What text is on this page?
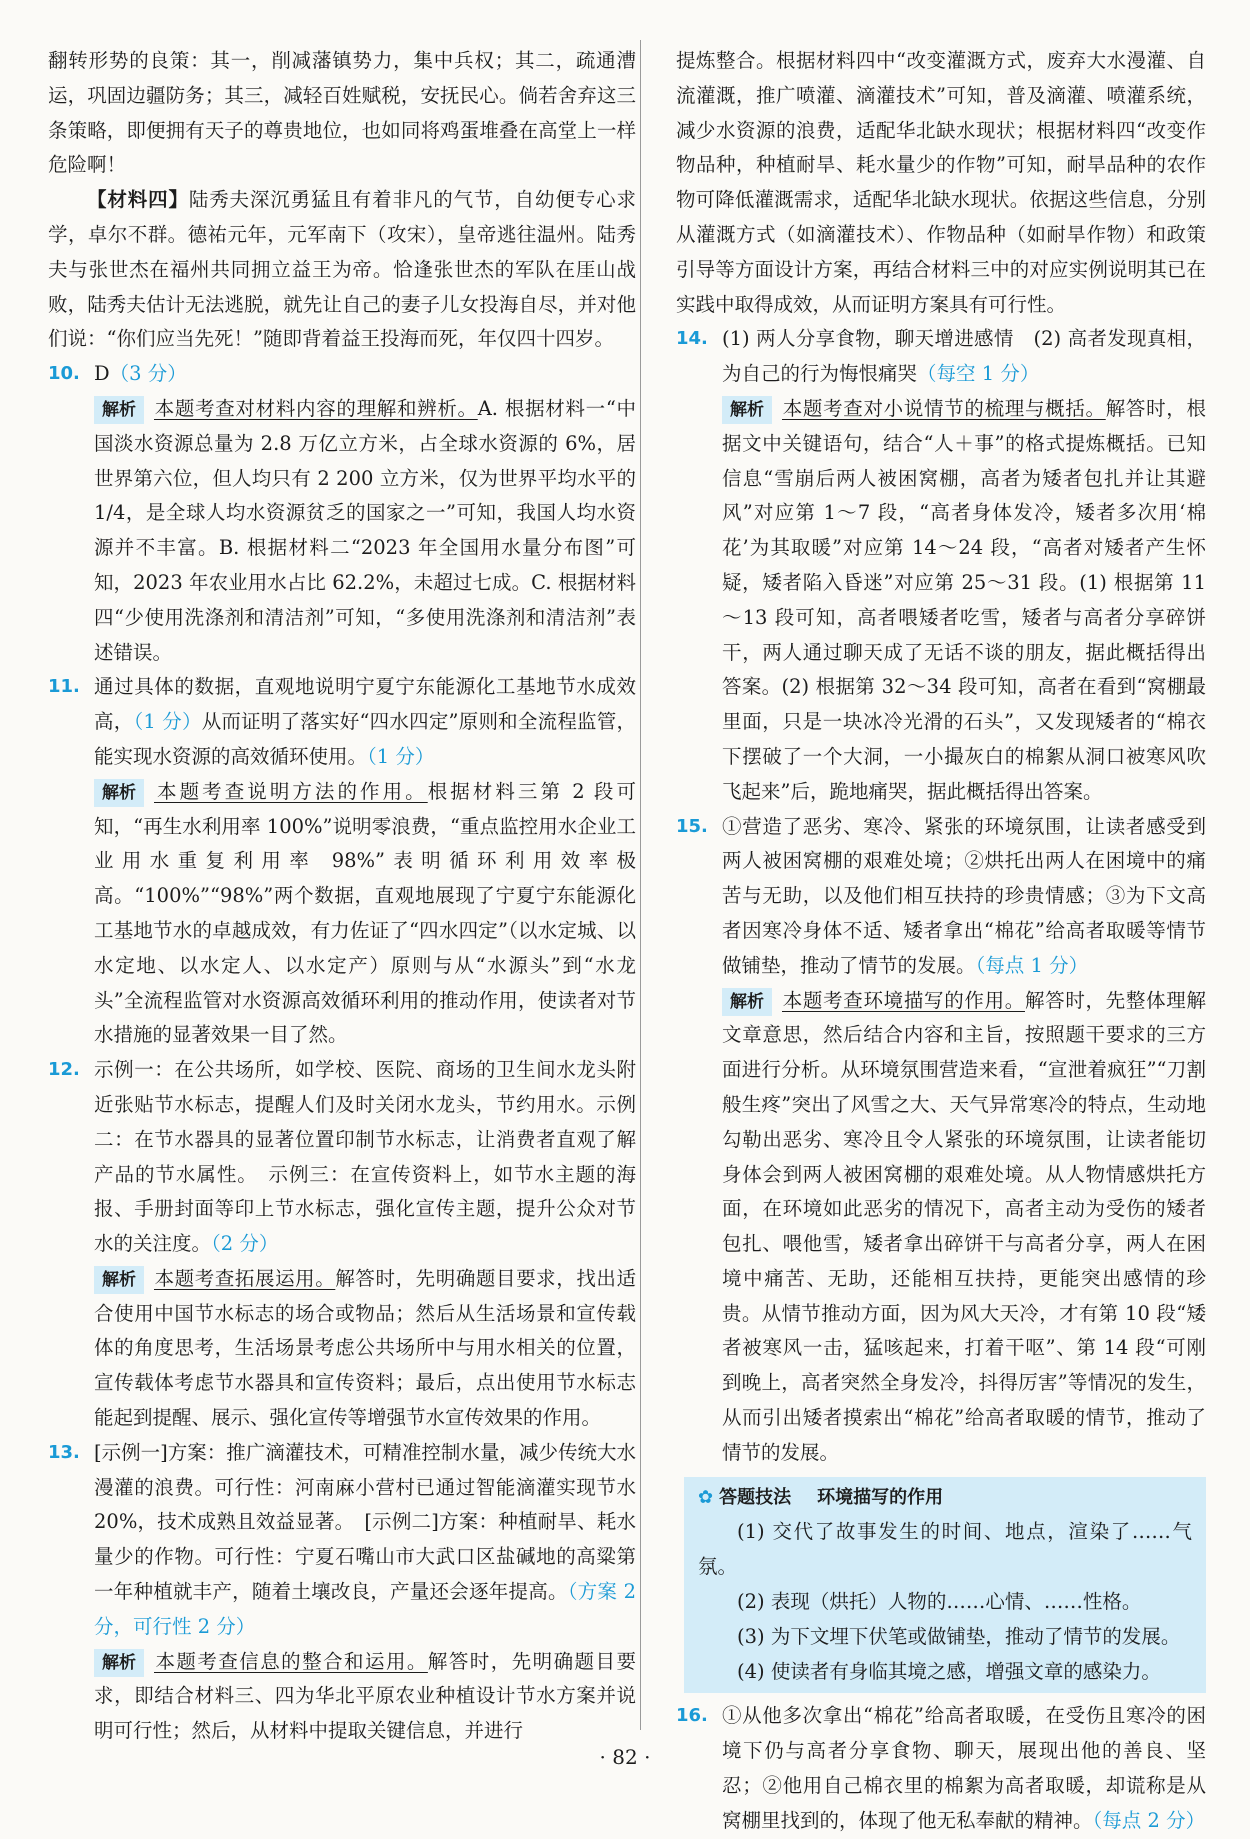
翻转形势的良策：其一，削减藩镇势力，集中兵权；其二，疏通漕运，巩固边疆防务；其三，减轻百姓赋税，安抚民心。倘若舍弃这三条策略，即便拥有天子的尊贵地位，也如同将鸡蛋堆叠在高堂上一样危险啊！

【材料四】陆秀夫深沉勇猛且有着非凡的气节，自幼便专心求学，卓尔不群。德祐元年，元军南下（攻宋），皇帝逃往温州。陆秀夫与张世杰在福州共同拥立益王为帝。恰逢张世杰的军队在厓山战败，陆秀夫估计无法逃脱，就先让自己的妻子儿女投海自尽，并对他们说：“你们应当先死！”随即背着益王投海而死，年仅四十四岁。

10. D（3 分）
解析 本题考查对材料内容的理解和辨析。A. 根据材料一“中国淡水资源总量为 2.8 万亿立方米，占全球水资源的 6%，居世界第六位，但人均只有 2 200 立方米，仅为世界平均水平的 1/4，是全球人均水资源贫乏的国家之一”可知，我国人均水资源并不丰富。B. 根据材料二“2023 年全国用水量分布图”可知，2023 年农业用水占比 62.2%，未超过七成。C. 根据材料四“少使用洗涤剂和清洁剂”可知，“多使用洗涤剂和清洁剂”表述错误。
11. 通过具体的数据，直观地说明宁夏宁东能源化工基地节水成效高，（1 分）从而证明了落实好“四水四定”原则和全流程监管，能实现水资源的高效循环使用。（1 分）
解析 本题考查说明方法的作用。根据材料三第 2 段可知，“再生水利用率 100%”说明零浪费，“重点监控用水企业工业用水重复利用率 98%”表明循环利用效率极高。“100%”“98%”两个数据，直观地展现了宁夏宁东能源化工基地节水的卓越成效，有力佐证了“四水四定”（以水定城、以水定地、以水定人、以水定产）原则与从“水源头”到“水龙头”全流程监管对水资源高效循环利用的推动作用，使读者对节水措施的显著效果一目了然。
12. 示例一：在公共场所，如学校、医院、商场的卫生间水龙头附近张贴节水标志，提醒人们及时关闭水龙头，节约用水。示例二：在节水器具的显著位置印制节水标志，让消费者直观了解产品的节水属性。　示例三：在宣传资料上，如节水主题的海报、手册封面等印上节水标志，强化宣传主题，提升公众对节水的关注度。（2 分）
解析 本题考查拓展运用。解答时，先明确题目要求，找出适合使用中国节水标志的场合或物品；然后从生活场景和宣传载体的角度思考，生活场景考虑公共场所中与用水相关的位置，宣传载体考虑节水器具和宣传资料；最后，点出使用节水标志能起到提醒、展示、强化宣传等增强节水宣传效果的作用。
13. [示例一]方案：推广滴灌技术，可精准控制水量，减少传统大水漫灌的浪费。可行性：河南麻小营村已通过智能滴灌实现节水 20%，技术成熟且效益显著。　[示例二]方案：种植耐旱、耗水量少的作物。可行性：宁夏石嘴山市大武口区盐碱地的高粱第一年种植就丰产，随着土壤改良，产量还会逐年提高。（方案 2 分，可行性 2 分）
解析 本题考查信息的整合和运用。解答时，先明确题目要求，即结合材料三、四为华北平原农业种植设计节水方案并说明可行性；然后，从材料中提取关键信息，并进行

提炼整合。根据材料四中“改变灌溉方式，废弃大水漫灌、自流灌溉，推广喷灌、滴灌技术”可知，普及滴灌、喷灌系统，减少水资源的浪费，适配华北缺水现状；根据材料四“改变作物品种，种植耐旱、耗水量少的作物”可知，耐旱品种的农作物可降低灌溉需求，适配华北缺水现状。依据这些信息，分别从灌溉方式（如滴灌技术）、作物品种（如耐旱作物）和政策引导等方面设计方案，再结合材料三中的对应实例说明其已在实践中取得成效，从而证明方案具有可行性。

14. (1) 两人分享食物，聊天增进感情　(2) 高者发现真相，为自己的行为悔恨痛哭（每空 1 分）
解析 本题考查对小说情节的梳理与概括。解答时，根据文中关键语句，结合“人＋事”的格式提炼概括。已知信息“雪崩后两人被困窝棚，高者为矮者包扎并让其避风”对应第 1～7 段，“高者身体发冷，矮者多次用‘棉花’为其取暖”对应第 14～24 段，“高者对矮者产生怀疑，矮者陷入昏迷”对应第 25～31 段。(1) 根据第 11～13 段可知，高者喂矮者吃雪，矮者与高者分享碎饼干，两人通过聊天成了无话不谈的朋友，据此概括得出答案。(2) 根据第 32～34 段可知，高者在看到“窝棚最里面，只是一块冰冷光滑的石头”，又发现矮者的“棉衣下摆破了一个大洞，一小撮灰白的棉絮从洞口被寒风吹飞起来”后，跪地痛哭，据此概括得出答案。
15. ①营造了恶劣、寒冷、紧张的环境氛围，让读者感受到两人被困窝棚的艰难处境；②烘托出两人在困境中的痛苦与无助，以及他们相互扶持的珍贵情感；③为下文高者因寒冷身体不适、矮者拿出“棉花”给高者取暖等情节做铺垫，推动了情节的发展。（每点 1 分）
解析 本题考查环境描写的作用。解答时，先整体理解文章意思，然后结合内容和主旨，按照题干要求的三方面进行分析。从环境氛围营造来看，“宣泄着疯狂”“刀割般生疼”突出了风雪之大、天气异常寒冷的特点，生动地勾勒出恶劣、寒冷且令人紧张的环境氛围，让读者能切身体会到两人被困窝棚的艰难处境。从人物情感烘托方面，在环境如此恶劣的情况下，高者主动为受伤的矮者包扎、喂他雪，矮者拿出碎饼干与高者分享，两人在困境中痛苦、无助，还能相互扶持，更能突出感情的珍贵。从情节推动方面，因为风大天冷，才有第 10 段“矮者被寒风一击，猛咳起来，打着干呕”、第 14 段“可刚到晚上，高者突然全身发冷，抖得厉害”等情况的发生，从而引出矮者摸索出“棉花”给高者取暖的情节，推动了情节的发展。
✿ 答题技法 环境描写的作用

(1) 交代了故事发生的时间、地点，渲染了……气氛。

(2) 表现（烘托）人物的……心情、……性格。

(3) 为下文埋下伏笔或做铺垫，推动了情节的发展。

(4) 使读者有身临其境之感，增强文章的感染力。

16. ①从他多次拿出“棉花”给高者取暖，在受伤且寒冷的困境下仍与高者分享食物、聊天，展现出他的善良、坚忍；②他用自己棉衣里的棉絮为高者取暖，却谎称是从窝棚里找到的，体现了他无私奉献的精神。（每点 2 分）
· 82 ·
